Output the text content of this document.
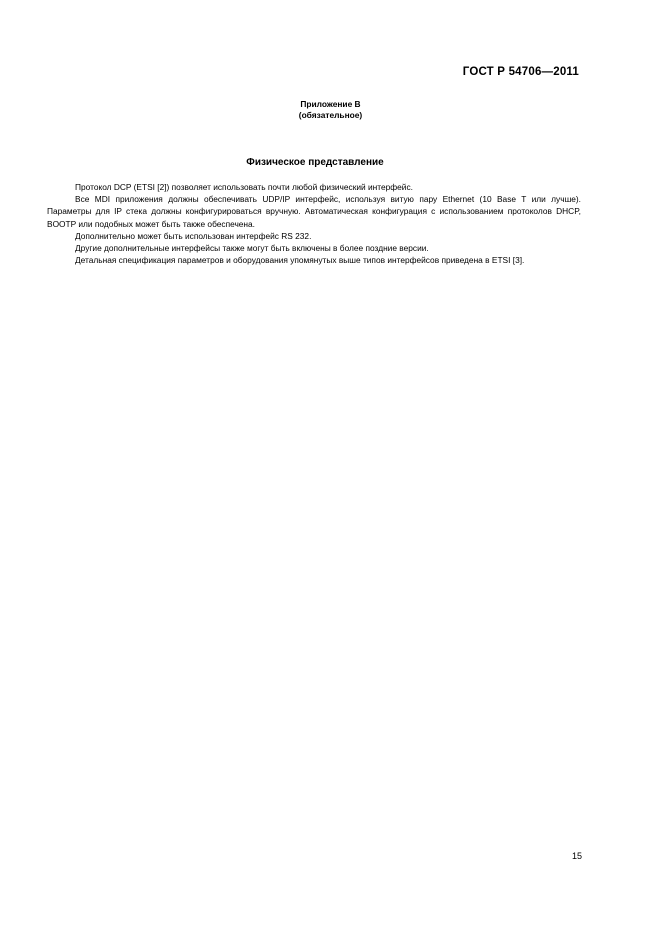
ГОСТ Р 54706—2011
Приложение В
(обязательное)
Физическое представление

Протокол DCP (ETSI [2]) позволяет использовать почти любой физический интерфейс.

Все MDI приложения должны обеспечивать UDP/IP интерфейс, используя витую пару Ethernet (10 Base T или лучше). Параметры для IP стека должны конфигурироваться вручную. Автоматическая конфигурация с использованием протоколов DHCP, BOOTP или подобных может быть также обеспечена.

Дополнительно может быть использован интерфейс RS 232.

Другие дополнительные интерфейсы также могут быть включены в более поздние версии.

Детальная спецификация параметров и оборудования упомянутых выше типов интерфейсов приведена в ETSI [3].

15
